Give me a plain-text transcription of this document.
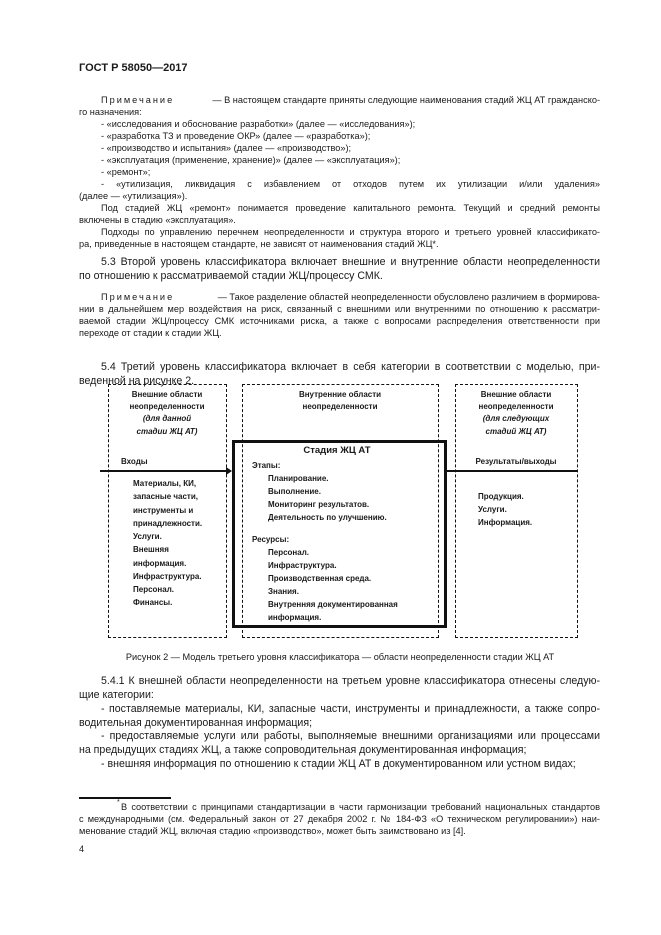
ГОСТ Р 58050—2017
Примечание	— В настоящем стандарте приняты следующие наименования стадий ЖЦ АТ гражданско-
го назначения:
- «исследования и обоснование разработки» (далее — «исследования»);
- «разработка ТЗ и проведение ОКР» (далее — «разработка»);
- «производство и испытания» (далее — «производство»);
- «эксплуатация (применение, хранение)» (далее — «эксплуатация»);
- «ремонт»;
- «утилизация, ликвидация с избавлением от отходов путем их утилизации и/или удаления»
(далее — «утилизация»).
Под стадией ЖЦ «ремонт» понимается проведение капитального ремонта. Текущий и средний ремонты
включены в стадию «эксплуатация».
Подходы по управлению перечнем неопределенности и структура второго и третьего уровней классификато-
ра, приведенные в настоящем стандарте, не зависят от наименования стадий ЖЦ*.
5.3 Второй уровень классификатора включает внешние и внутренние области неопределенности
по отношению к рассматриваемой стадии ЖЦ/процессу СМК.
Примечание	— Такое разделение областей неопределенности обусловлено различием в формирова-
нии в дальнейшем мер воздействия на риск, связанный с внешними или внутренними по отношению к рассматри-
ваемой стадии ЖЦ/процессу СМК источниками риска, а также с вопросами распределения ответственности при
переходе от стадии к стадии ЖЦ.
5.4 Третий уровень классификатора включает в себя категории в соответствии с моделью, при-
веденной на рисунке 2.
Внешние области
неопределенности
(для данной
стадии ЖЦ АТ)
Входы
Материалы, КИ,
запасные части,
инструменты и
принадлежности.
Услуги.
Внешняя
информация.
Инфраструктура.
Персонал.
Финансы.
Внутренние области
неопределенности
Стадия ЖЦ АТ
Этапы:
Планирование.
Выполнение.
Мониторинг результатов.
Деятельность по улучшению.
Ресурсы:
Персонал.
Инфраструктура.
Производственная среда.
Знания.
Внутренняя документированная
информация.
Внешние области
неопределенности
(для следующих
стадий ЖЦ АТ)
Результаты/выходы
Продукция.
Услуги.
Информация.
Рисунок 2 — Модель третьего уровня классификатора — области неопределенности стадии ЖЦ АТ
5.4.1 К внешней области неопределенности на третьем уровне классификатора отнесены следую-
щие категории:
- поставляемые материалы, КИ, запасные части, инструменты и принадлежности, а также сопро-
водительная документированная информация;
- предоставляемые услуги или работы, выполняемые внешними организациями или процессами
на предыдущих стадиях ЖЦ, а также сопроводительная документированная информация;
- внешняя информация по отношению к стадии ЖЦ АТ в документированном или устном видах;
* В соответствии с принципами стандартизации в части гармонизации требований национальных стандартов
с международными (см. Федеральный закон от 27 декабря 2002 г. № 184-ФЗ «О техническом регулировании») наи-
менование стадий ЖЦ, включая стадию «производство», может быть заимствовано из [4].
4
